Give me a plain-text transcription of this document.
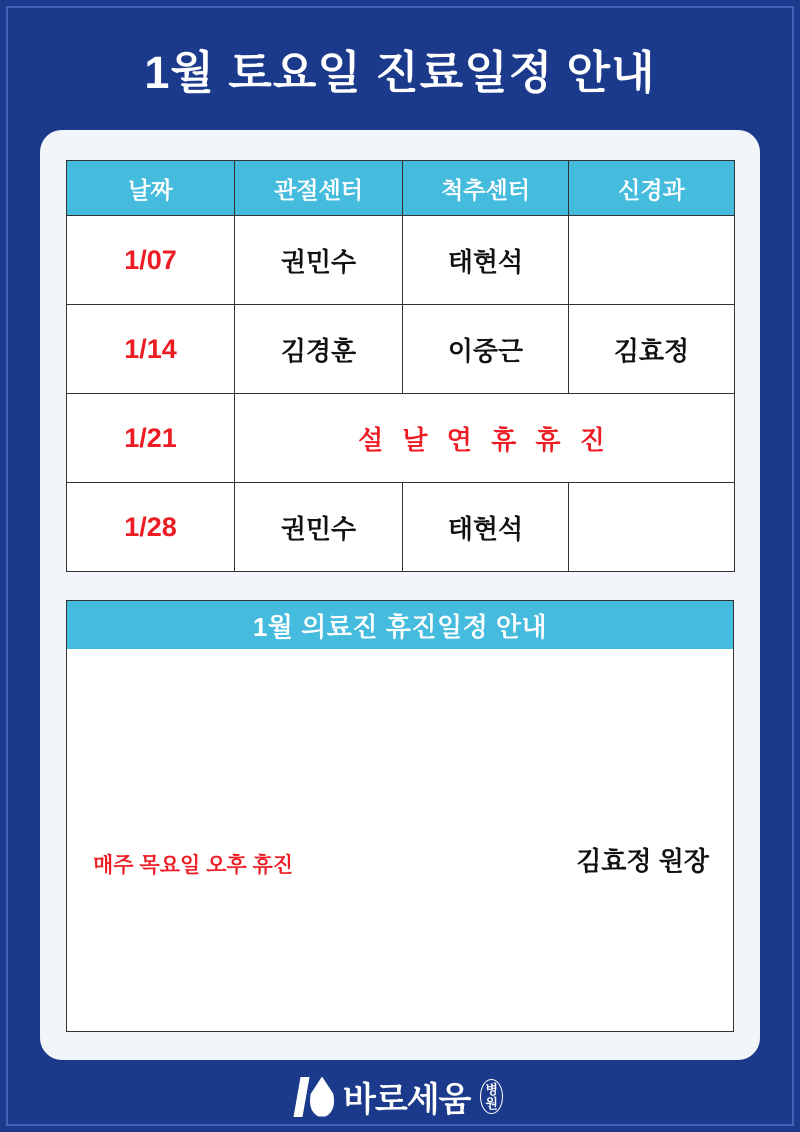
1월 토요일 진료일정 안내
날짜	관절센터	척추센터	신경과
1/07	권민수	태현석	
1/14	김경훈	이중근	김효정
1/21	설 날 연 휴 휴 진		
1/28	권민수	태현석	
1월 의료진 휴진일정 안내
매주 목요일 오후 휴진	김효정 원장
바로세움	병
원
